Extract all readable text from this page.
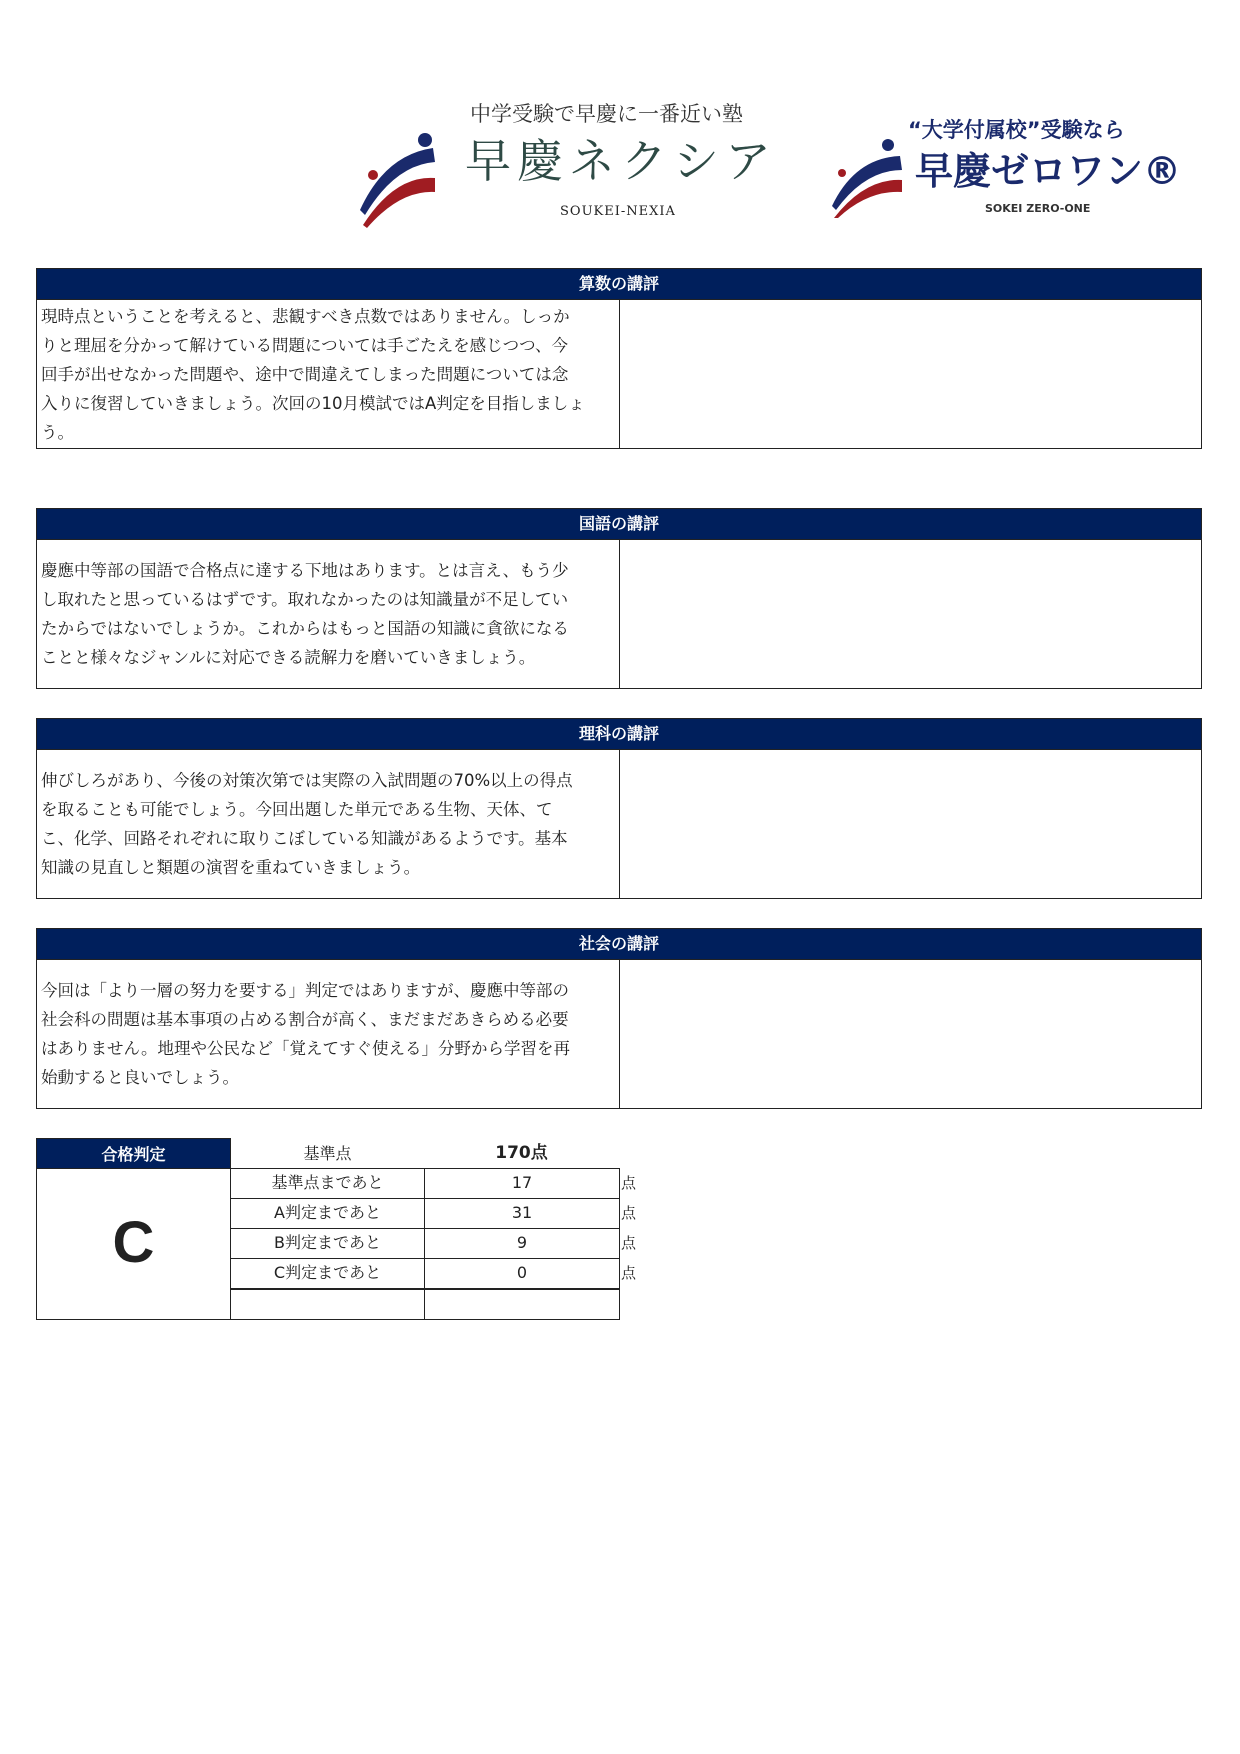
中学受験で早慶に一番近い塾
早慶ネクシア
SOUKEI-NEXIA
“大学付属校”受験なら
早慶ゼロワン®
SOKEI ZERO-ONE
算数の講評
現時点ということを考えると、悲観すべき点数ではありません。しっか
りと理屈を分かって解けている問題については手ごたえを感じつつ、今
回手が出せなかった問題や、途中で間違えてしまった問題については念
入りに復習していきましょう。次回の10月模試ではA判定を目指しましょ
う。
国語の講評
慶應中等部の国語で合格点に達する下地はあります。とは言え、もう少
し取れたと思っているはずです。取れなかったのは知識量が不足してい
たからではないでしょうか。これからはもっと国語の知識に貪欲になる
ことと様々なジャンルに対応できる読解力を磨いていきましょう。
理科の講評
伸びしろがあり、今後の対策次第では実際の入試問題の70%以上の得点
を取ることも可能でしょう。今回出題した単元である生物、天体、て
こ、化学、回路それぞれに取りこぼしている知識があるようです。基本
知識の見直しと類題の演習を重ねていきましょう。
社会の講評
今回は「より一層の努力を要する」判定ではありますが、慶應中等部の
社会科の問題は基本事項の占める割合が高く、まだまだあきらめる必要
はありません。地理や公民など「覚えてすぐ使える」分野から学習を再
始動すると良いでしょう。
合格判定
C
基準点	170点
基準点まであと	17	点
A判定まであと	31	点
B判定まであと	9	点
C判定まであと	0	点
